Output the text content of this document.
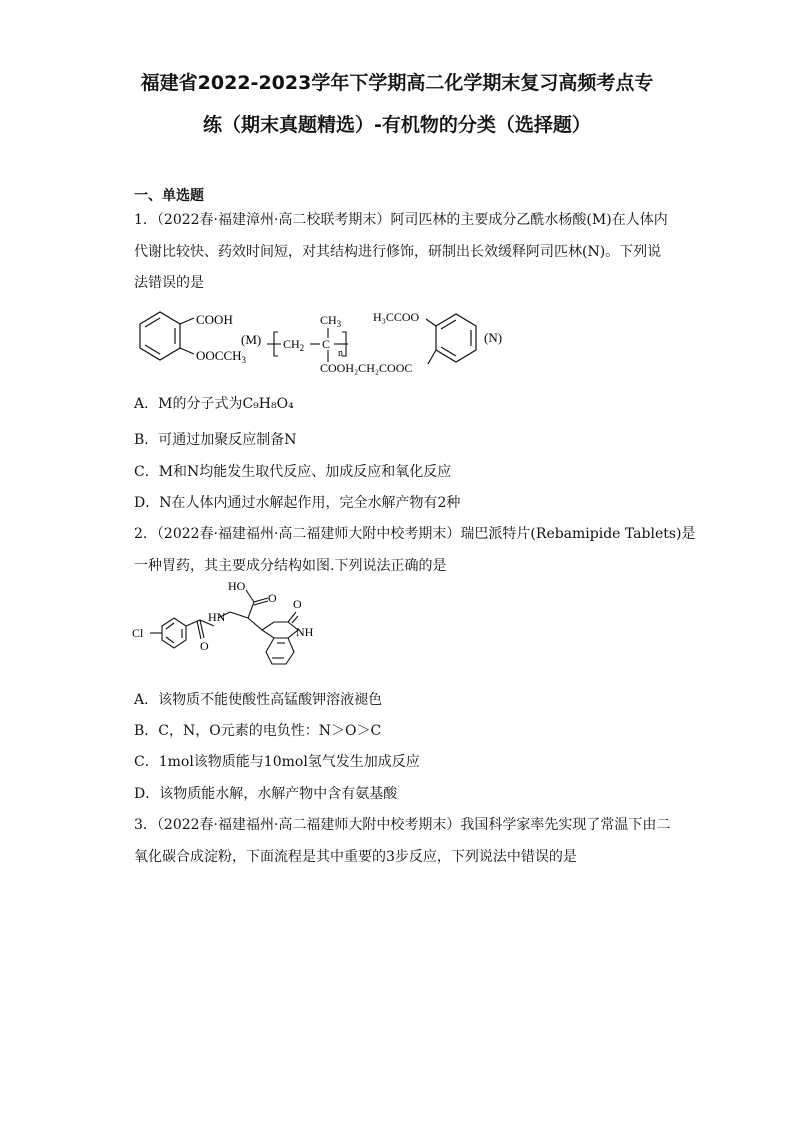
福建省2022-2023学年下学期高二化学期末复习高频考点专
练（期末真题精选）-有机物的分类（选择题）
一、单选题
1．（2022春·福建漳州·高二校联考期末）阿司匹林的主要成分乙酰水杨酸(M)在人体内
代谢比较快、药效时间短，对其结构进行修饰，研制出长效缓释阿司匹林(N)。下列说
法错误的是
COOH
$OOCCH_3$
(M) $CH_2$ C
$CH_3$
n
COOH₂CH₂COOC
H₃CCOO
(N)
A．M的分子式为C₉H₈O₄
B．可通过加聚反应制备N
C．M和N均能发生取代反应、加成反应和氧化反应
D．N在人体内通过水解起作用，完全水解产物有2种
2．（2022春·福建福州·高二福建师大附中校考期末）瑞巴派特片(Rebamipide Tablets)是
一种胃药，其主要成分结构如图.下列说法正确的是
HO
O
HN
O
NH
Cl
O
A．该物质不能使酸性高锰酸钾溶液褪色
B．C，N，O元素的电负性：N＞O＞C
C．1mol该物质能与10mol氢气发生加成反应
D．该物质能水解，水解产物中含有氨基酸
3．（2022春·福建福州·高二福建师大附中校考期末）我国科学家率先实现了常温下由二
氧化碳合成淀粉，下面流程是其中重要的3步反应，下列说法中错误的是
